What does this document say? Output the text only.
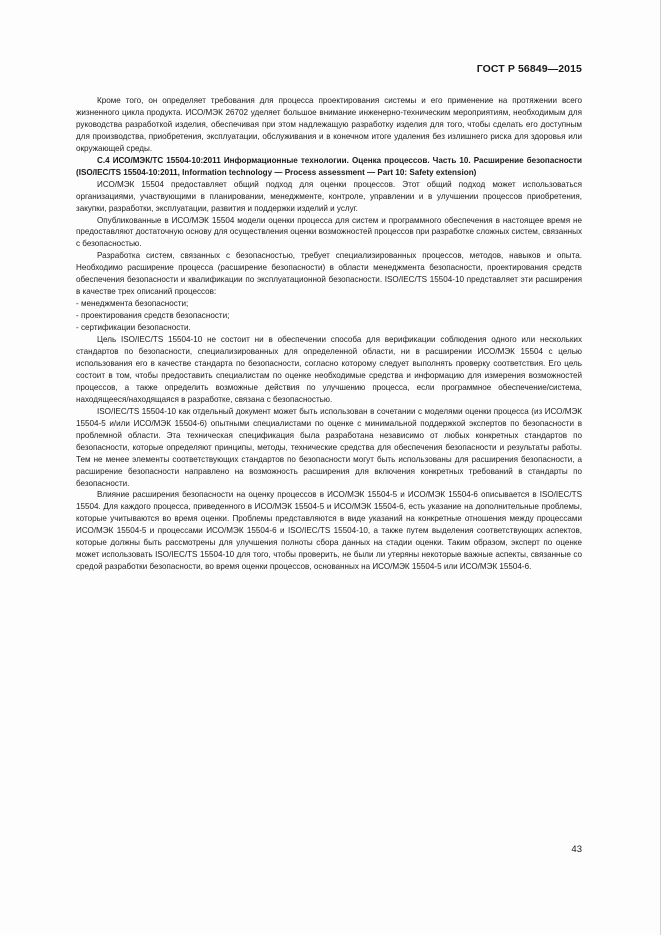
ГОСТ Р 56849—2015

Кроме того, он определяет требования для процесса проектирования системы и его применение на протяжении всего жизненного цикла продукта. ИСО/МЭК 26702 уделяет большое внимание инженерно-техническим мероприятиям, необходимым для руководства разработкой изделия, обеспечивая при этом надлежащую разработку изделия для того, чтобы сделать его доступным для производства, приобретения, эксплуатации, обслуживания и в конечном итоге удаления без излишнего риска для здоровья или окружающей среды.

С.4 ИСО/МЭК/ТС 15504-10:2011 Информационные технологии. Оценка процессов. Часть 10. Расширение безопасности (ISO/IEC/TS 15504-10:2011, Information technology — Process assessment — Part 10: Safety extension)

ИСО/МЭК 15504 предоставляет общий подход для оценки процессов. Этот общий подход может использоваться организациями, участвующими в планировании, менеджменте, контроле, управлении и в улучшении процессов приобретения, закупки, разработки, эксплуатации, развития и поддержки изделий и услуг.

Опубликованные в ИСО/МЭК 15504 модели оценки процесса для систем и программного обеспечения в настоящее время не предоставляют достаточную основу для осуществления оценки возможностей процессов при разработке сложных систем, связанных с безопасностью.

Разработка систем, связанных с безопасностью, требует специализированных процессов, методов, навыков и опыта. Необходимо расширение процесса (расширение безопасности) в области менеджмента безопасности, проектирования средств обеспечения безопасности и квалификации по эксплуатационной безопасности. ISO/IEC/TS 15504-10 представляет эти расширения в качестве трех описаний процессов:

- менеджмента безопасности;

- проектирования средств безопасности;

- сертификации безопасности.

Цель ISO/IEC/TS 15504-10 не состоит ни в обеспечении способа для верификации соблюдения одного или нескольких стандартов по безопасности, специализированных для определенной области, ни в расширении ИСО/МЭК 15504 с целью использования его в качестве стандарта по безопасности, согласно которому следует выполнять проверку соответствия. Его цель состоит в том, чтобы предоставить специалистам по оценке необходимые средства и информацию для измерения возможностей процессов, а также определить возможные действия по улучшению процесса, если программное обеспечение/система, находящееся/находящаяся в разработке, связана с безопасностью.

ISO/IEC/TS 15504-10 как отдельный документ может быть использован в сочетании с моделями оценки процесса (из ИСО/МЭК 15504-5 и/или ИСО/МЭК 15504-6) опытными специалистами по оценке с минимальной поддержкой экспертов по безопасности в проблемной области. Эта техническая спецификация была разработана независимо от любых конкретных стандартов по безопасности, которые определяют принципы, методы, технические средства для обеспечения безопасности и результаты работы. Тем не менее элементы соответствующих стандартов по безопасности могут быть использованы для расширения безопасности, а расширение безопасности направлено на возможность расширения для включения конкретных требований в стандарты по безопасности.

Влияние расширения безопасности на оценку процессов в ИСО/МЭК 15504-5 и ИСО/МЭК 15504-6 описывается в ISO/IEC/TS 15504. Для каждого процесса, приведенного в ИСО/МЭК 15504-5 и ИСО/МЭК 15504-6, есть указание на дополнительные проблемы, которые учитываются во время оценки. Проблемы представляются в виде указаний на конкретные отношения между процессами ИСО/МЭК 15504-5 и процессами ИСО/МЭК 15504-6 и ISO/IEC/TS 15504-10, а также путем выделения соответствующих аспектов, которые должны быть рассмотрены для улучшения полноты сбора данных на стадии оценки. Таким образом, эксперт по оценке может использовать ISO/IEC/TS 15504-10 для того, чтобы проверить, не были ли утеряны некоторые важные аспекты, связанные со средой разработки безопасности, во время оценки процессов, основанных на ИСО/МЭК 15504-5 или ИСО/МЭК 15504-6.

43
